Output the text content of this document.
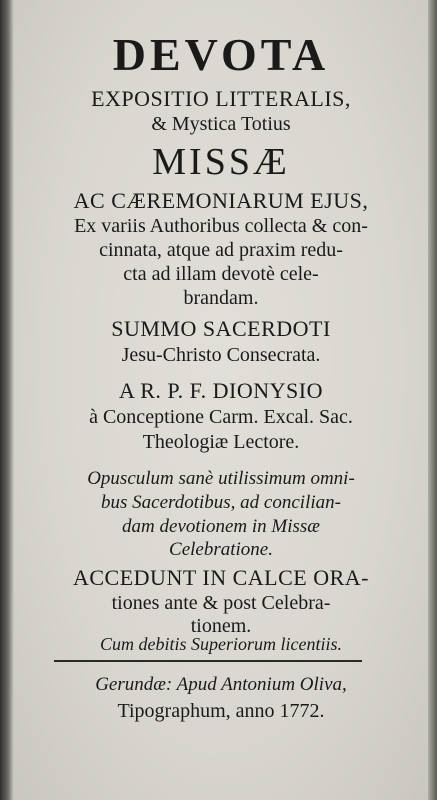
DEVOTA
EXPOSITIO LITTERALIS,
& Mystica Totius
MISSÆ
AC CÆREMONIARUM EJUS,
Ex variis Authoribus collecta & con-
cinnata, atque ad praxim redu-
cta ad illam devotè cele-
brandam.
SUMMO SACERDOTI
Jesu-Christo Consecrata.
A R. P. F. DIONYSIO
à Conceptione Carm. Excal. Sac.
Theologiæ Lectore.
Opusculum sanè utilissimum omni-
bus Sacerdotibus, ad concilian-
dam devotionem in Missæ
Celebratione.
ACCEDUNT IN CALCE ORA-
tiones ante & post Celebra-
tionem.
Cum debitis Superiorum licentiis.
Gerundæ: Apud Antonium Oliva,
Tipographum, anno 1772.
